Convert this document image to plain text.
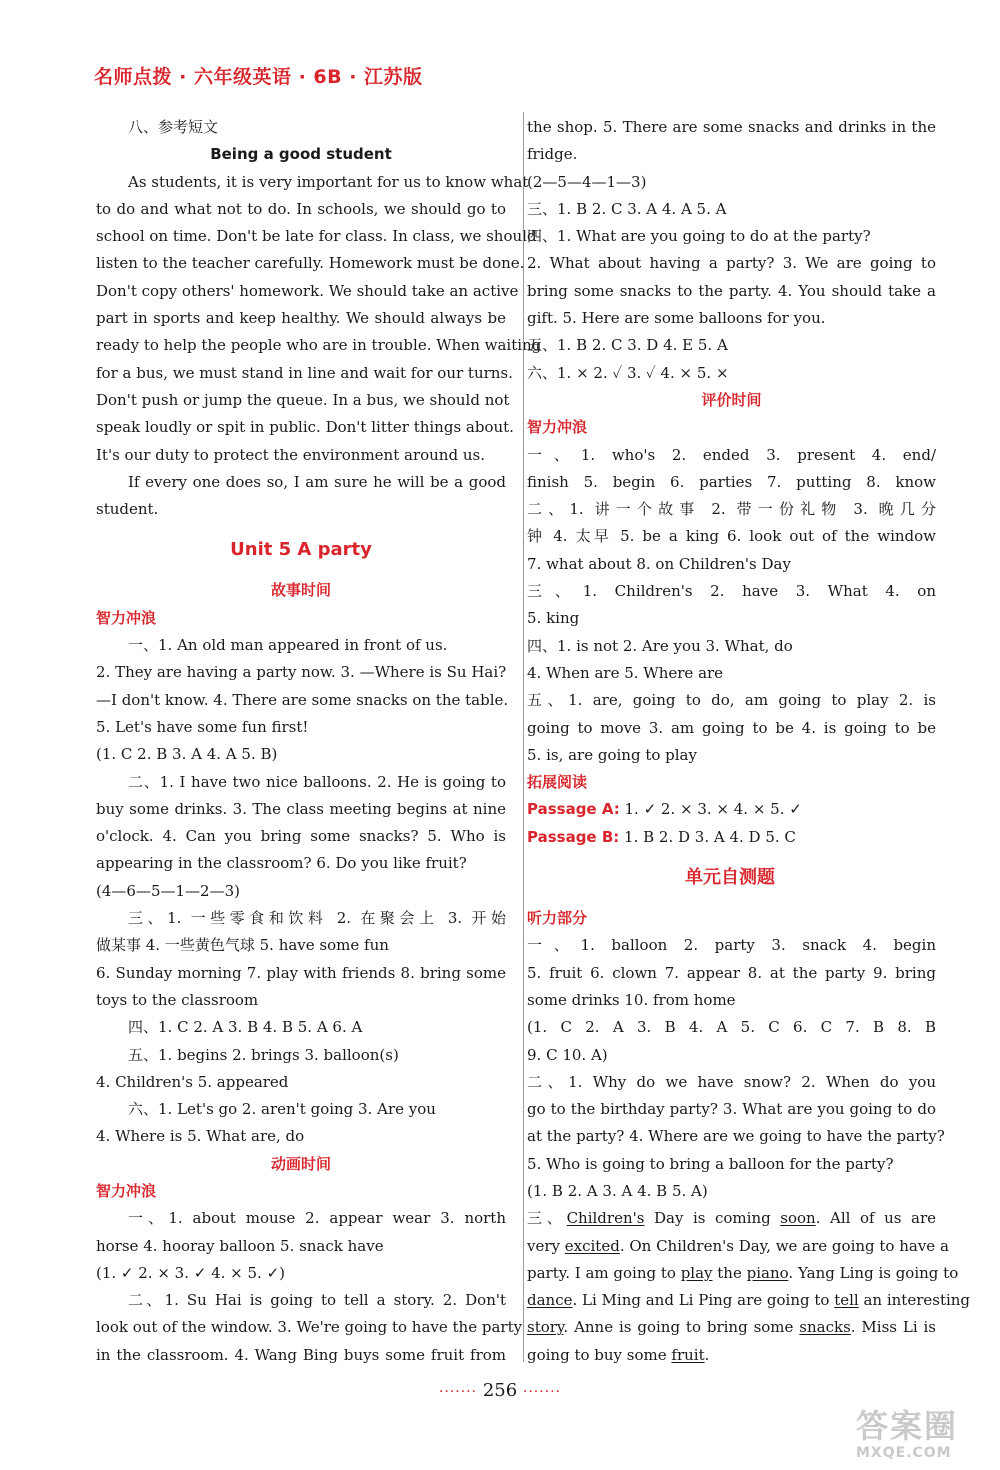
名师点拨 · 六年级英语 · 6B · 江苏版
八、参考短文
Being a good student
As students, it is very important for us to know what
to do and what not to do. In schools, we should go to
school on time. Don't be late for class. In class, we should
listen to the teacher carefully. Homework must be done.
Don't copy others' homework. We should take an active
part in sports and keep healthy. We should always be
ready to help the people who are in trouble. When waiting
for a bus, we must stand in line and wait for our turns.
Don't push or jump the queue. In a bus, we should not
speak loudly or spit in public. Don't litter things about.
It's our duty to protect the environment around us.
If every one does so, I am sure he will be a good
student.
Unit 5 A party
故事时间
智力冲浪
一、1. An old man appeared in front of us.
2. They are having a party now. 3. —Where is Su Hai?
—I don't know. 4. There are some snacks on the table.
5. Let's have some fun first!
(1. C 2. B 3. A 4. A 5. B)
二、1. I have two nice balloons. 2. He is going to
buy some drinks. 3. The class meeting begins at nine
o'clock. 4. Can you bring some snacks? 5. Who is
appearing in the classroom? 6. Do you like fruit?
(4—6—5—1—2—3)
三、1. 一些零食和饮料 2. 在聚会上 3. 开始
做某事 4. 一些黄色气球 5. have some fun
6. Sunday morning 7. play with friends 8. bring some
toys to the classroom
四、1. C 2. A 3. B 4. B 5. A 6. A
五、1. begins 2. brings 3. balloon(s)
4. Children's 5. appeared
六、1. Let's go 2. aren't going 3. Are you
4. Where is 5. What are, do
动画时间
智力冲浪
一、1. about mouse 2. appear wear 3. north
horse 4. hooray balloon 5. snack have
(1. ✓ 2. × 3. ✓ 4. × 5. ✓)
二、1. Su Hai is going to tell a story. 2. Don't
look out of the window. 3. We're going to have the party
in the classroom. 4. Wang Bing buys some fruit from
the shop. 5. There are some snacks and drinks in the
fridge.
(2—5—4—1—3)
三、1. B 2. C 3. A 4. A 5. A
四、1. What are you going to do at the party?
2. What about having a party? 3. We are going to
bring some snacks to the party. 4. You should take a
gift. 5. Here are some balloons for you.
五、1. B 2. C 3. D 4. E 5. A
六、1. × 2. ✓ 3. ✓ 4. × 5. ×
评价时间
智力冲浪
一、1. who's 2. ended 3. present 4. end/
finish 5. begin 6. parties 7. putting 8. know
二、1. 讲一个故事 2. 带一份礼物 3. 晚几分
钟 4. 太早 5. be a king 6. look out of the window
7. what about 8. on Children's Day
三、1. Children's 2. have 3. What 4. on
5. king
四、1. is not 2. Are you 3. What, do
4. When are 5. Where are
五、1. are, going to do, am going to play 2. is
going to move 3. am going to be 4. is going to be
5. is, are going to play
拓展阅读
Passage A: 1. ✓ 2. × 3. × 4. × 5. ✓
Passage B: 1. B 2. D 3. A 4. D 5. C
单元自测题
听力部分
一、1. balloon 2. party 3. snack 4. begin
5. fruit 6. clown 7. appear 8. at the party 9. bring
some drinks 10. from home
(1. C 2. A 3. B 4. A 5. C 6. C 7. B 8. B
9. C 10. A)
二、1. Why do we have snow? 2. When do you
go to the birthday party? 3. What are you going to do
at the party? 4. Where are we going to have the party?
5. Who is going to bring a balloon for the party?
(1. B 2. A 3. A 4. B 5. A)
三、Children's Day is coming soon. All of us are
very excited. On Children's Day, we are going to have a
party. I am going to play the piano. Yang Ling is going to
dance. Li Ming and Li Ping are going to tell an interesting
story. Anne is going to bring some snacks. Miss Li is
going to buy some fruit.
······· 256 ·······
答案圈
MXQE.COM
